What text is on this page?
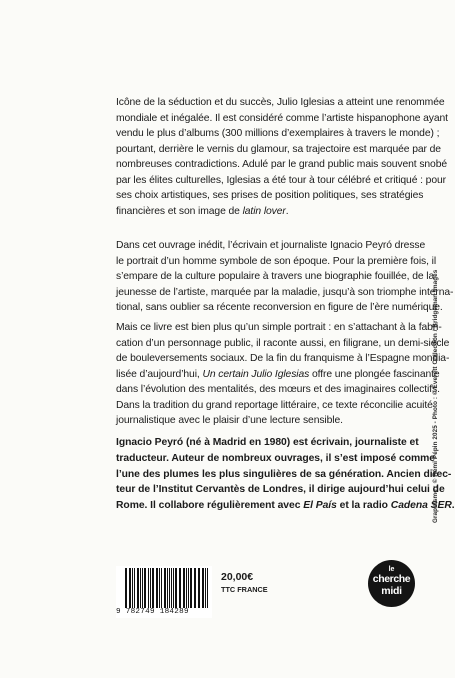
Icône de la séduction et du succès, Julio Iglesias a atteint une renommée
mondiale et inégalée. Il est considéré comme l’artiste hispanophone ayant
vendu le plus d’albums (300 millions d’exemplaires à travers le monde) ;
pourtant, derrière le vernis du glamour, sa trajectoire est marquée par de
nombreuses contradictions. Adulé par le grand public mais souvent snobé
par les élites culturelles, Iglesias a été tour à tour célébré et critiqué : pour
ses choix artistiques, ses prises de position politiques, ses stratégies
financières et son image de latin lover.
Dans cet ouvrage inédit, l’écrivain et journaliste Ignacio Peyró dresse
le portrait d’un homme symbole de son époque. Pour la première fois, il
s’empare de la culture populaire à travers une biographie fouillée, de la
jeunesse de l’artiste, marquée par la maladie, jusqu’à son triomphe interna-
tional, sans oublier sa récente reconversion en figure de l’ère numérique.
Mais ce livre est bien plus qu’un simple portrait : en s’attachant à la fabri-
cation d’un personnage public, il raconte aussi, en filigrane, un demi-siècle
de bouleversements sociaux. De la fin du franquisme à l’Espagne mondia-
lisée d’aujourd’hui, Un certain Julio Iglesias offre une plongée fascinante
dans l’évolution des mentalités, des mœurs et des imaginaires collectifs.
Dans la tradition du grand reportage littéraire, ce texte réconcilie acuité
journalistique avec le plaisir d’une lecture sensible.
Ignacio Peyró (né à Madrid en 1980) est écrivain, journaliste et
traducteur. Auteur de nombreux ouvrages, il s’est imposé comme
l’une des plumes les plus singulières de sa génération. Ancien direc-
teur de l’Institut Cervantès de Londres, il dirige aujourd’hui celui de
Rome. Il collabore régulièrement avec El País et la radio Cadena SER.
Graphisme : © Rémi Pépin 2025 - Photo : © Everett Collection / Bridgeman Images
9 782749 184289
20,00€
TTC FRANCE
le
cherche
midi
